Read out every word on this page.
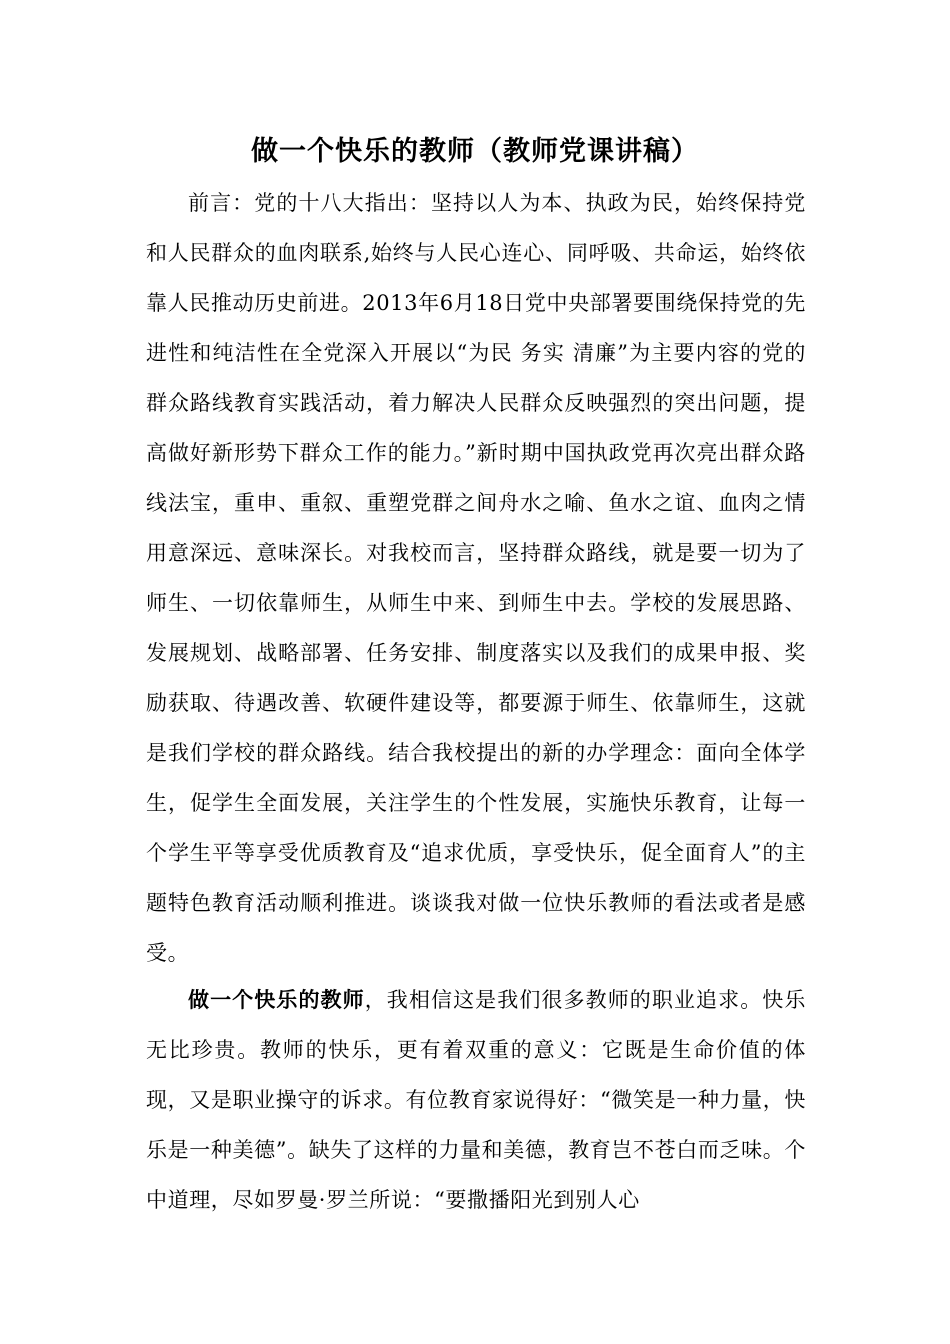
做一个快乐的教师（教师党课讲稿）

前言：党的十八大指出：坚持以人为本、执政为民，始终保持党和人民群众的血肉联系,始终与人民心连心、同呼吸、共命运，始终依靠人民推动历史前进。2013年6月18日党中央部署要围绕保持党的先进性和纯洁性在全党深入开展以“为民 务实 清廉”为主要内容的党的群众路线教育实践活动，着力解决人民群众反映强烈的突出问题，提高做好新形势下群众工作的能力。”新时期中国执政党再次亮出群众路线法宝，重申、重叙、重塑党群之间舟水之喻、鱼水之谊、血肉之情用意深远、意味深长。对我校而言，坚持群众路线，就是要一切为了师生、一切依靠师生，从师生中来、到师生中去。学校的发展思路、发展规划、战略部署、任务安排、制度落实以及我们的成果申报、奖励获取、待遇改善、软硬件建设等，都要源于师生、依靠师生，这就是我们学校的群众路线。结合我校提出的新的办学理念：面向全体学生，促学生全面发展，关注学生的个性发展，实施快乐教育，让每一个学生平等享受优质教育及“追求优质，享受快乐，促全面育人”的主题特色教育活动顺利推进。谈谈我对做一位快乐教师的看法或者是感受。

做一个快乐的教师，我相信这是我们很多教师的职业追求。快乐无比珍贵。教师的快乐，更有着双重的意义：它既是生命价值的体现，又是职业操守的诉求。有位教育家说得好：“微笑是一种力量，快乐是一种美德”。缺失了这样的力量和美德，教育岂不苍白而乏味。个中道理，尽如罗曼·罗兰所说：“要撒播阳光到别人心
